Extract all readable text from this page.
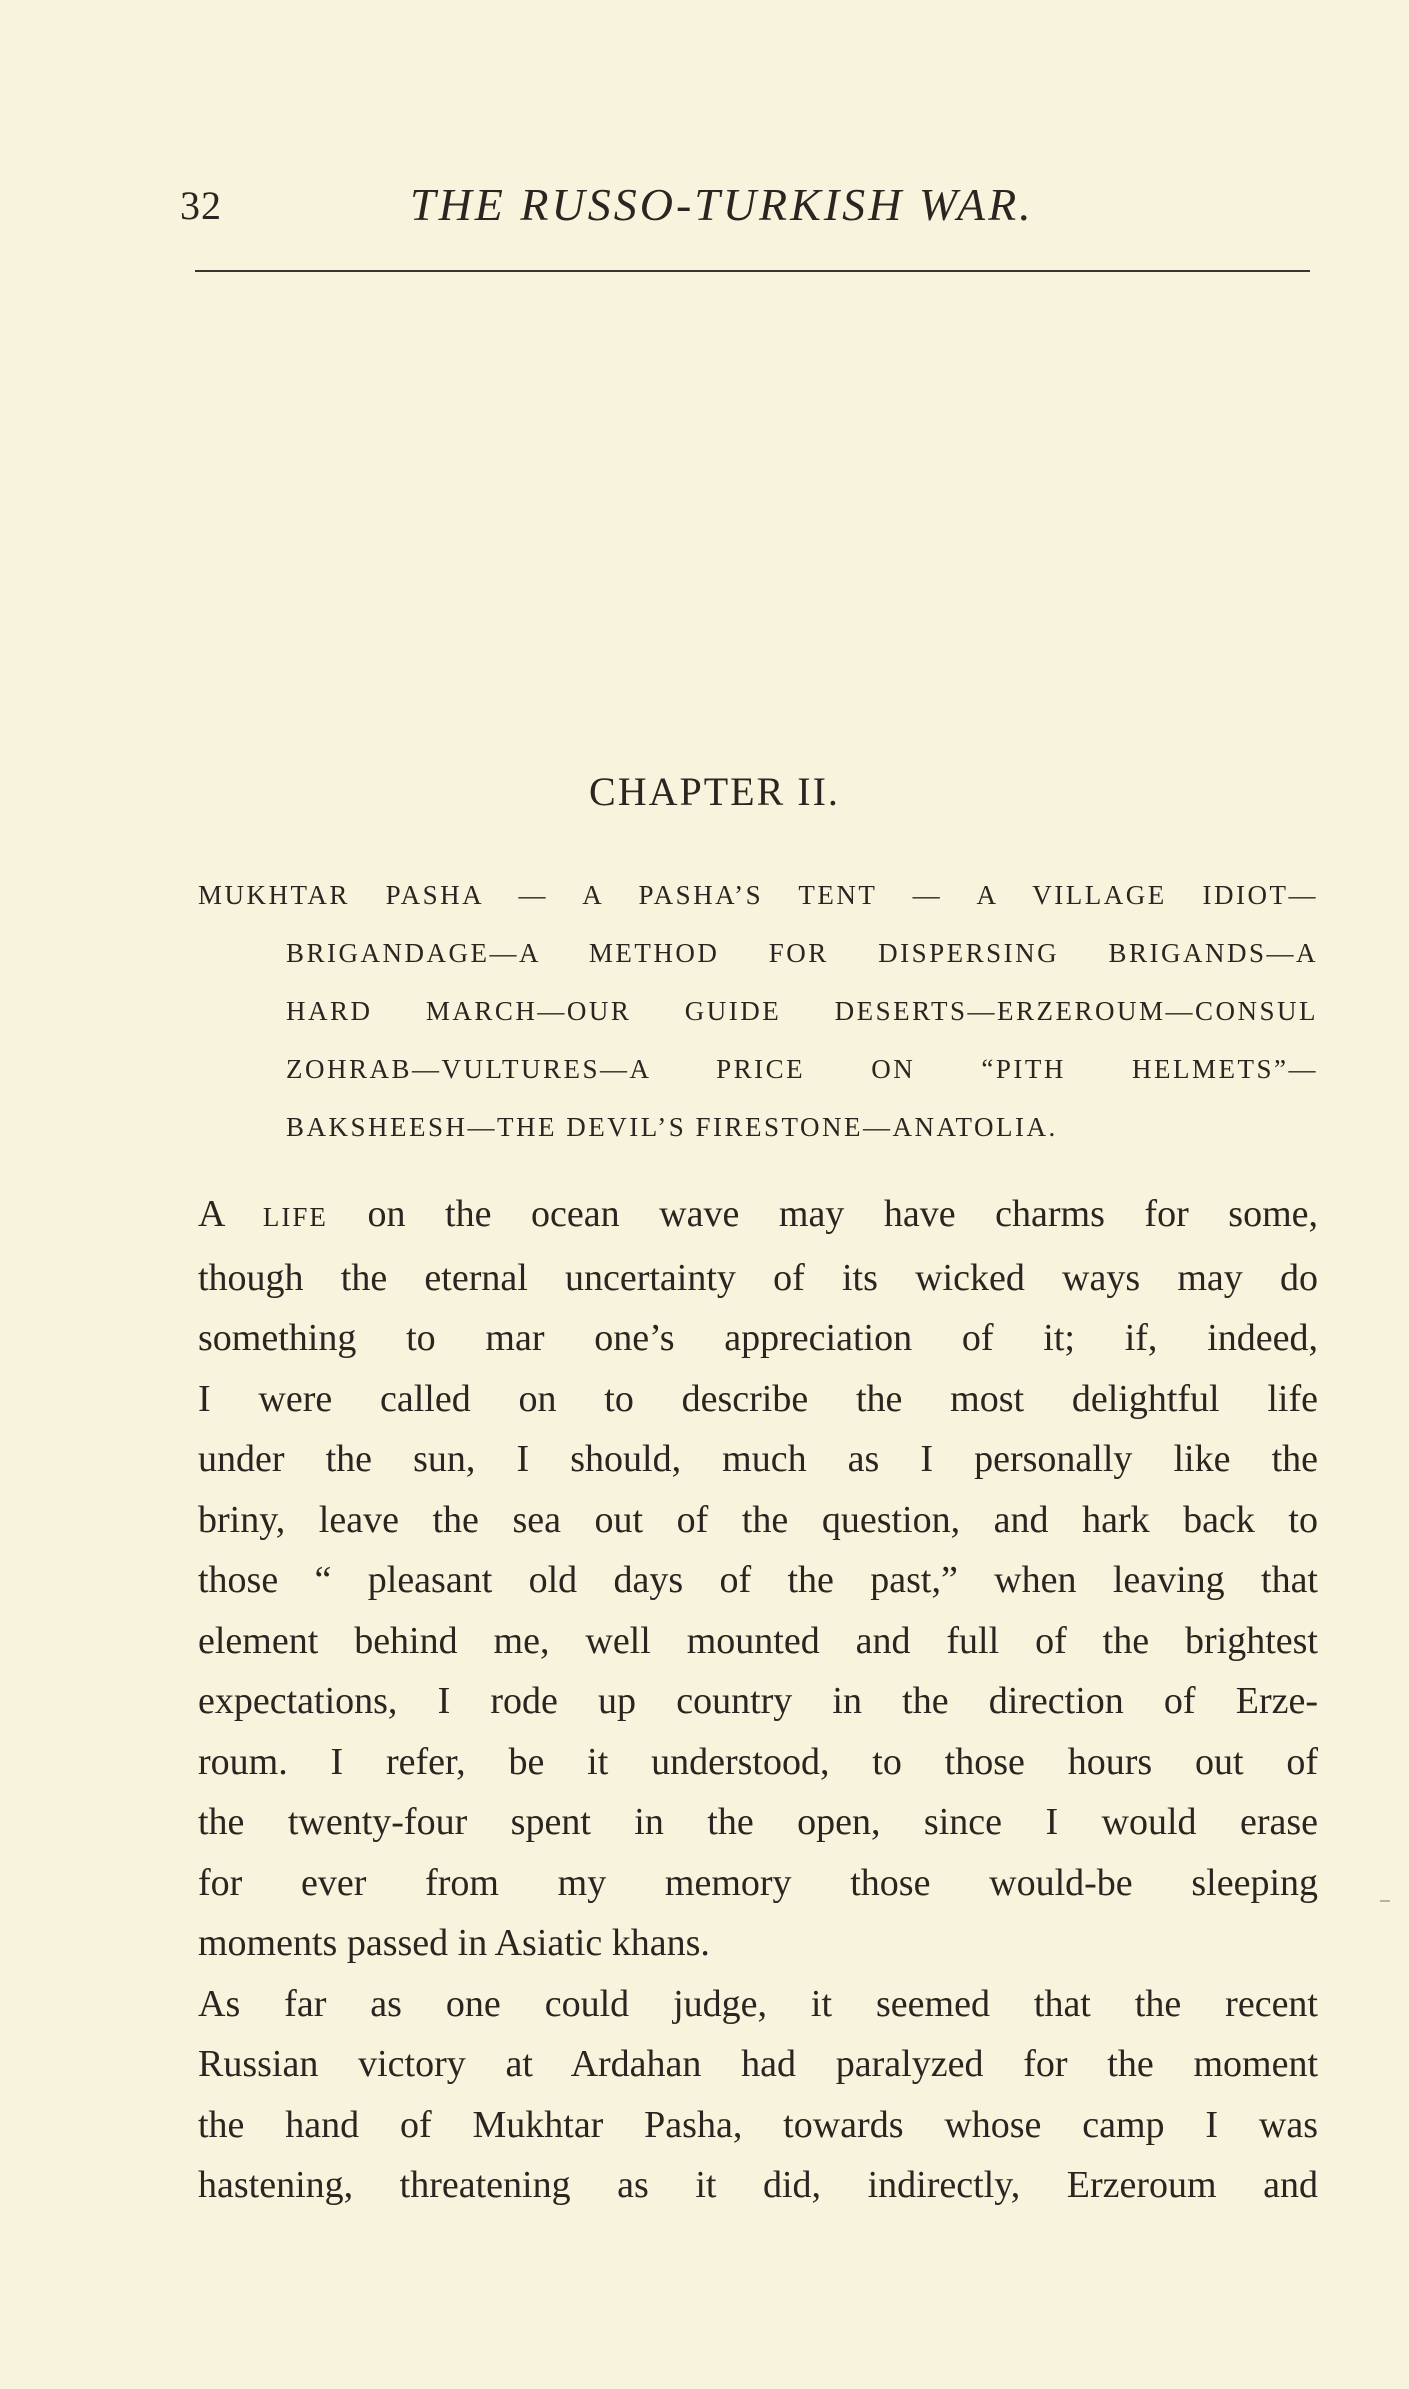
32	THE RUSSO-TURKISH WAR.
CHAPTER II.
MUKHTAR PASHA — A PASHA’S TENT — A VILLAGE IDIOT—
BRIGANDAGE—A METHOD FOR DISPERSING BRIGANDS—A
HARD MARCH—OUR GUIDE DESERTS—ERZEROUM—CONSUL
ZOHRAB—VULTURES—A PRICE ON “PITH HELMETS”—
BAKSHEESH—THE DEVIL’S FIRESTONE—ANATOLIA.
A LIFE on the ocean wave may have charms for some,
though the eternal uncertainty of its wicked ways may do
something to mar one’s appreciation of it; if, indeed,
I were called on to describe the most delightful life
under the sun, I should, much as I personally like the
briny, leave the sea out of the question, and hark back to
those “ pleasant old days of the past,” when leaving that
element behind me, well mounted and full of the brightest
expectations, I rode up country in the direction of Erze-
roum. I refer, be it understood, to those hours out of
the twenty-four spent in the open, since I would erase
for ever from my memory those would-be sleeping
moments passed in Asiatic khans.
As far as one could judge, it seemed that the recent
Russian victory at Ardahan had paralyzed for the moment
the hand of Mukhtar Pasha, towards whose camp I was
hastening, threatening as it did, indirectly, Erzeroum and
